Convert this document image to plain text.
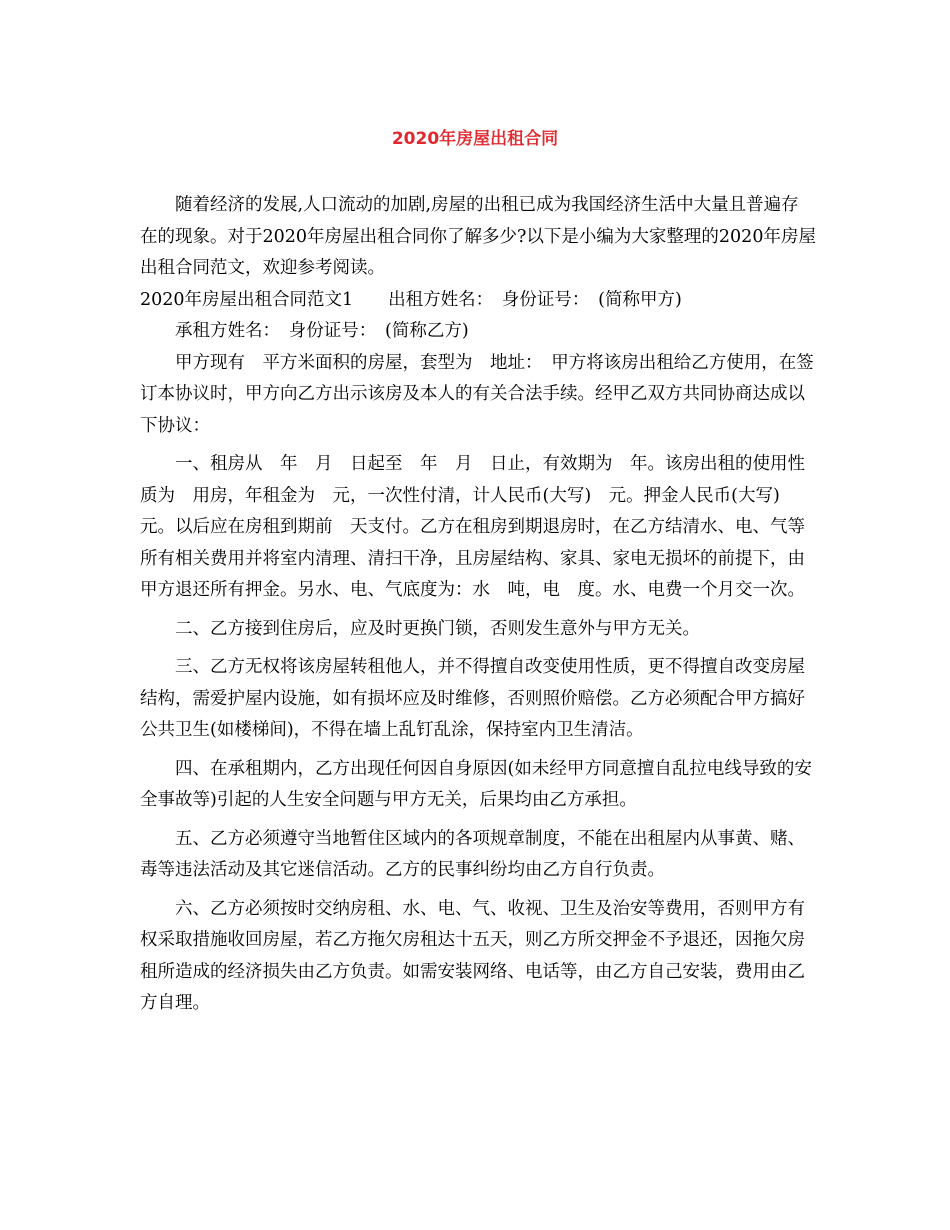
2020年房屋出租合同

随着经济的发展,人口流动的加剧,房屋的出租已成为我国经济生活中大量且普遍存在的现象。对于2020年房屋出租合同你了解多少?以下是小编为大家整理的2020年房屋出租合同范文，欢迎参考阅读。

2020年房屋出租合同范文1　　出租方姓名：　身份证号：　(简称甲方)

承租方姓名：　身份证号：　(简称乙方)

甲方现有　平方米面积的房屋，套型为　地址：　甲方将该房出租给乙方使用，在签订本协议时，甲方向乙方出示该房及本人的有关合法手续。经甲乙双方共同协商达成以下协议：

一、租房从　年　月　日起至　年　月　日止，有效期为　年。该房出租的使用性质为　用房，年租金为　元，一次性付清，计人民币(大写)　元。押金人民币(大写)　元。以后应在房租到期前　天支付。乙方在租房到期退房时，在乙方结清水、电、气等所有相关费用并将室内清理、清扫干净，且房屋结构、家具、家电无损坏的前提下，由甲方退还所有押金。另水、电、气底度为：水　吨，电　度。水、电费一个月交一次。

二、乙方接到住房后，应及时更换门锁，否则发生意外与甲方无关。

三、乙方无权将该房屋转租他人，并不得擅自改变使用性质，更不得擅自改变房屋结构，需爱护屋内设施，如有损坏应及时维修，否则照价赔偿。乙方必须配合甲方搞好公共卫生(如楼梯间)，不得在墙上乱钉乱涂，保持室内卫生清洁。

四、在承租期内，乙方出现任何因自身原因(如未经甲方同意擅自乱拉电线导致的安全事故等)引起的人生安全问题与甲方无关，后果均由乙方承担。

五、乙方必须遵守当地暂住区域内的各项规章制度，不能在出租屋内从事黄、赌、毒等违法活动及其它迷信活动。乙方的民事纠纷均由乙方自行负责。

六、乙方必须按时交纳房租、水、电、气、收视、卫生及治安等费用，否则甲方有权采取措施收回房屋，若乙方拖欠房租达十五天，则乙方所交押金不予退还，因拖欠房租所造成的经济损失由乙方负责。如需安装网络、电话等，由乙方自己安装，费用由乙方自理。
